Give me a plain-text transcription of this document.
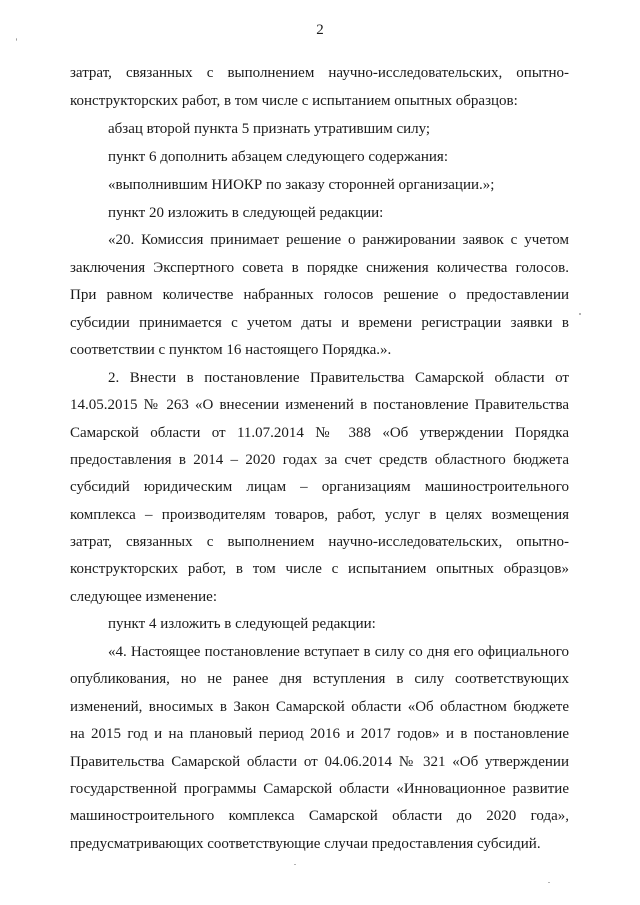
2
затрат, связанных с выполнением научно-исследовательских, опытно-
конструкторских работ, в том числе с испытанием опытных образцов:
абзац второй пункта 5 признать утратившим силу;
пункт 6 дополнить абзацем следующего содержания:
«выполнившим НИОКР по заказу сторонней организации.»;
пункт 20 изложить в следующей редакции:
«20. Комиссия принимает решение о ранжировании заявок с учетом
заключения Экспертного совета в порядке снижения количества голосов.
При равном количестве набранных голосов решение о предоставлении
субсидии принимается с учетом даты и времени регистрации заявки в
соответствии с пунктом 16 настоящего Порядка.».
2. Внести в постановление Правительства Самарской области от
14.05.2015 № 263 «О внесении изменений в постановление Правительства
Самарской области от 11.07.2014 № 388 «Об утверждении Порядка
предоставления в 2014 – 2020 годах за счет средств областного бюджета
субсидий юридическим лицам – организациям машиностроительного
комплекса – производителям товаров, работ, услуг в целях возмещения
затрат, связанных с выполнением научно-исследовательских, опытно-
конструкторских работ, в том числе с испытанием опытных образцов»
следующее изменение:
пункт 4 изложить в следующей редакции:
«4. Настоящее постановление вступает в силу со дня его официального
опубликования, но не ранее дня вступления в силу соответствующих
изменений, вносимых в Закон Самарской области «Об областном бюджете
на 2015 год и на плановый период 2016 и 2017 годов» и в постановление
Правительства Самарской области от 04.06.2014 № 321 «Об утверждении
государственной программы Самарской области «Инновационное развитие
машиностроительного комплекса Самарской области до 2020 года»,
предусматривающих соответствующие случаи предоставления субсидий.
